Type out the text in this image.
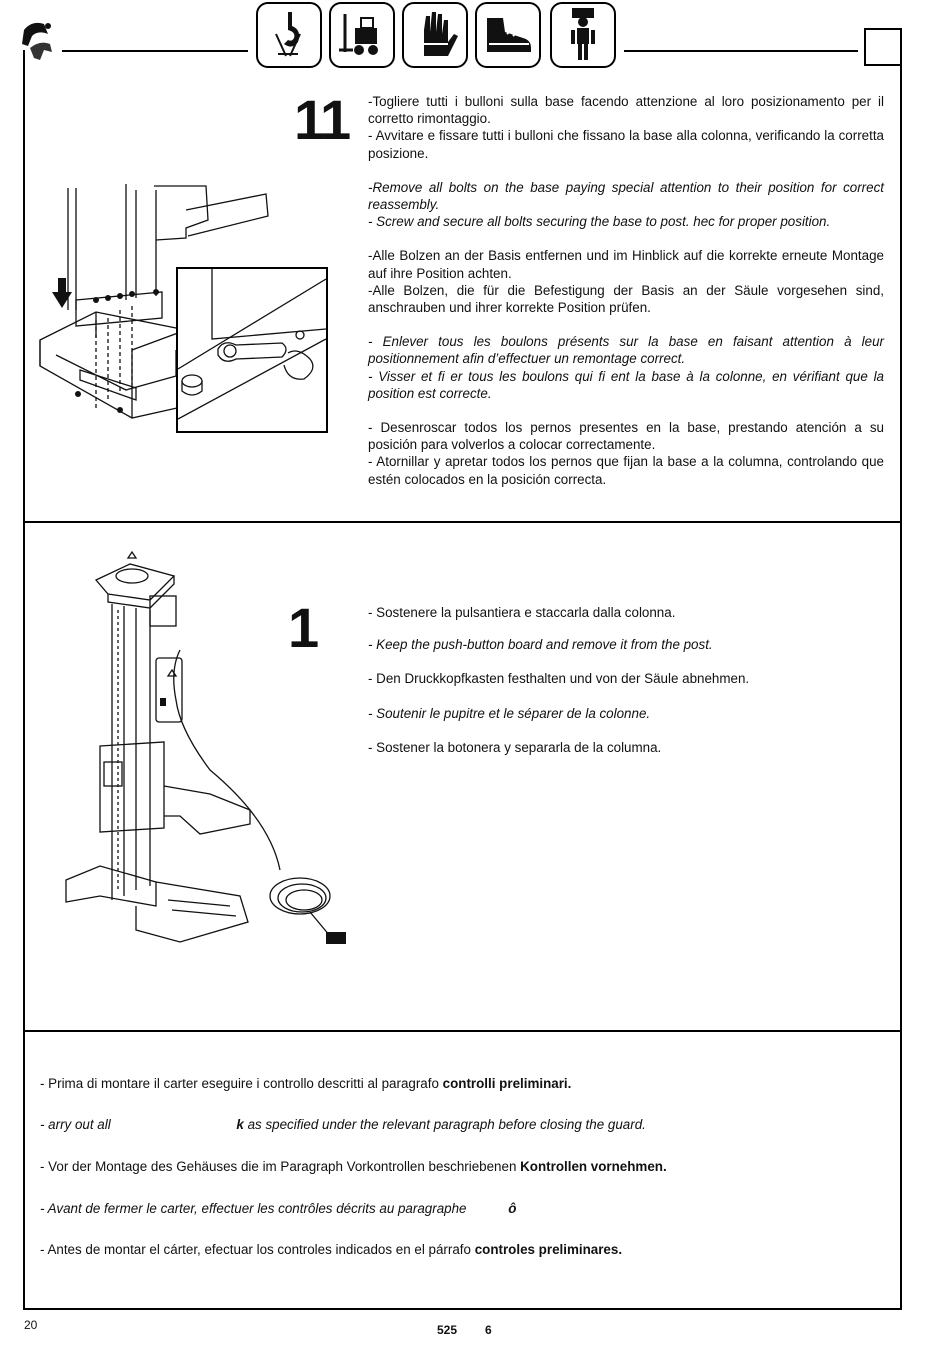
11 -Togliere tutti i bulloni sulla base facendo attenzione al loro posizionamento per il corretto rimontaggio.

- Avvitare e fissare tutti i bulloni che fissano la base alla colonna, verificando la corretta posizione.

-Remove all bolts on the base paying special attention to their position for correct reassembly.

- Screw and secure all bolts securing the base to post. hec for proper position.

-Alle Bolzen an der Basis entfernen und im Hinblick auf die korrekte erneute Montage auf ihre Position achten.

-Alle Bolzen, die für die Befestigung der Basis an der Säule vorgesehen sind, anschrauben und ihrer korrekte Position prüfen.

- Enlever tous les boulons présents sur la base en faisant attention à leur positionnement afin d’effectuer un remontage correct.

- Visser et fi er tous les boulons qui fi ent la base à la colonne, en vérifiant que la position est correcte.

- Desenroscar todos los pernos presentes en la base, prestando atención a su posición para volverlos a colocar correctamente.

- Atornillar y apretar todos los pernos que fijan la base a la columna, controlando que estén colocados en la posición correcta.

1	- Sostenere la pulsantiera e staccarla dalla colonna.

- Keep the push-button board and remove it from the post.

- Den Druckkopfkasten festhalten und von der Säule abnehmen.

- Soutenir le pupitre et le séparer de la colonne.

- Sostener la botonera y separarla de la columna.

- Prima di montare il carter eseguire i controllo descritti al paragrafo controlli preliminari.
- arry out all	k as specified under the relevant paragraph before closing the guard.
- Vor der Montage des Gehäuses die im Paragraph Vorkontrollen beschriebenen Kontrollen vornehmen.
- Avant de fermer le carter, effectuer les contrôles décrits au paragraphe	ô
- Antes de montar el cárter, efectuar los controles indicados en el párrafo controles preliminares.
20	525 6
